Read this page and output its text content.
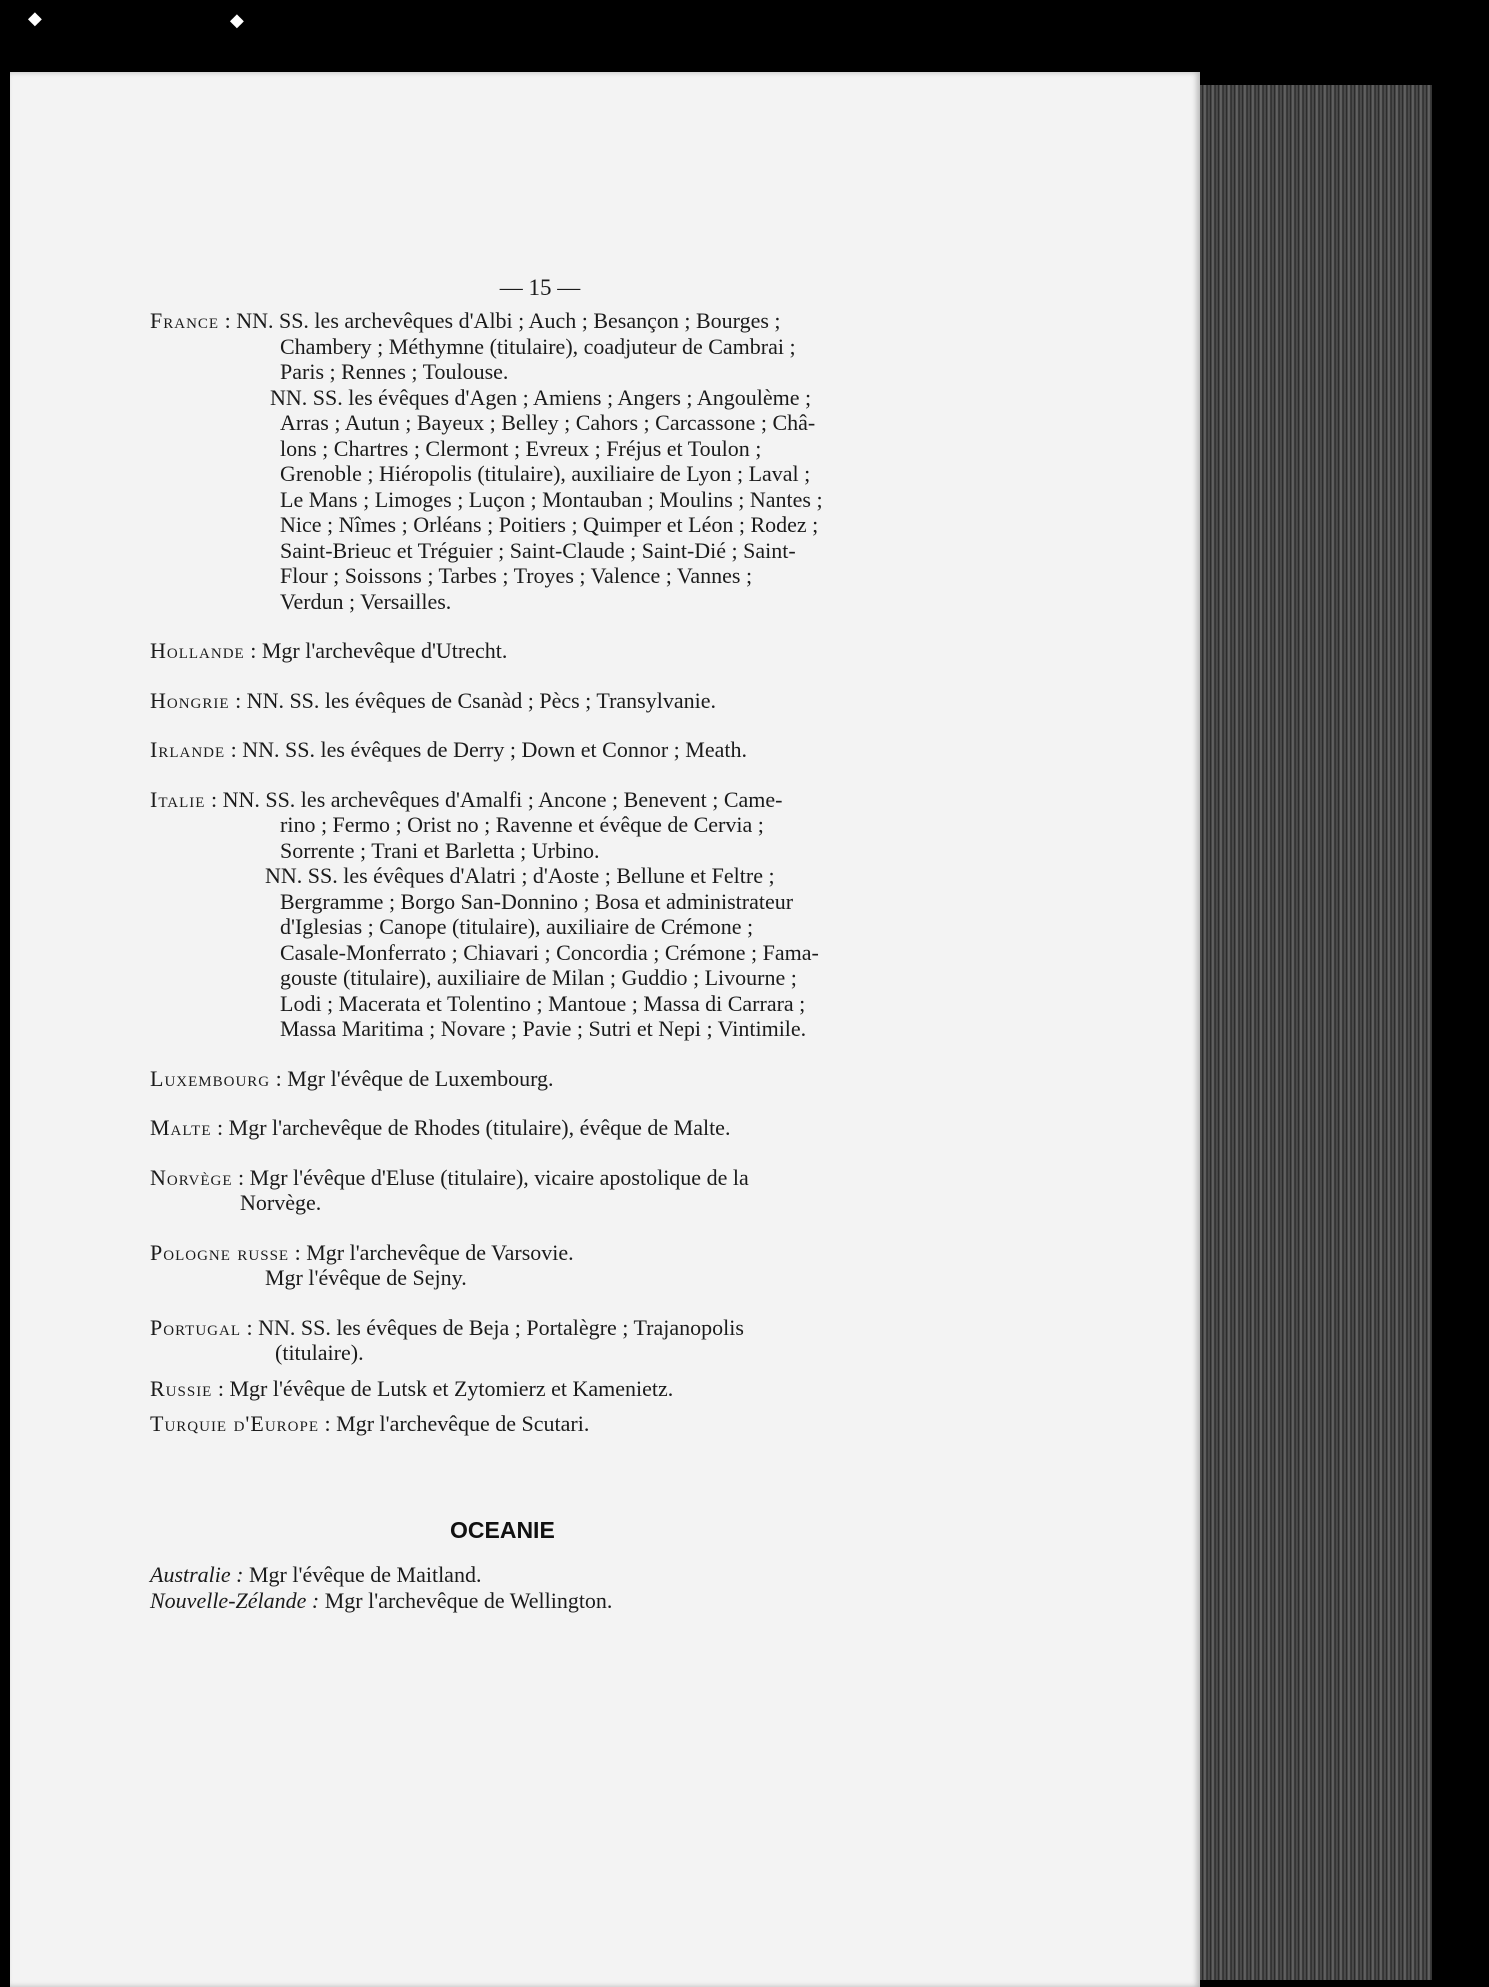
◆	◆
— 15 —
France : NN. SS. les archevêques d'Albi ; Auch ; Besançon ; Bourges ;
Chambery ; Méthymne (titulaire), coadjuteur de Cambrai ;
Paris ; Rennes ; Toulouse.
NN. SS. les évêques d'Agen ; Amiens ; Angers ; Angoulème ;
Arras ; Autun ; Bayeux ; Belley ; Cahors ; Carcassone ; Châ-
lons ; Chartres ; Clermont ; Evreux ; Fréjus et Toulon ;
Grenoble ; Hiéropolis (titulaire), auxiliaire de Lyon ; Laval ;
Le Mans ; Limoges ; Luçon ; Montauban ; Moulins ; Nantes ;
Nice ; Nîmes ; Orléans ; Poitiers ; Quimper et Léon ; Rodez ;
Saint-Brieuc et Tréguier ; Saint-Claude ; Saint-Dié ; Saint-
Flour ; Soissons ; Tarbes ; Troyes ; Valence ; Vannes ;
Verdun ; Versailles.
Hollande : Mgr l'archevêque d'Utrecht.
Hongrie : NN. SS. les évêques de Csanàd ; Pècs ; Transylvanie.
Irlande : NN. SS. les évêques de Derry ; Down et Connor ; Meath.
Italie : NN. SS. les archevêques d'Amalfi ; Ancone ; Benevent ; Came-
rino ; Fermo ; Orist no ; Ravenne et évêque de Cervia ;
Sorrente ; Trani et Barletta ; Urbino.
NN. SS. les évêques d'Alatri ; d'Aoste ; Bellune et Feltre ;
Bergramme ; Borgo San-Donnino ; Bosa et administrateur
d'Iglesias ; Canope (titulaire), auxiliaire de Crémone ;
Casale-Monferrato ; Chiavari ; Concordia ; Crémone ; Fama-
gouste (titulaire), auxiliaire de Milan ; Guddio ; Livourne ;
Lodi ; Macerata et Tolentino ; Mantoue ; Massa di Carrara ;
Massa Maritima ; Novare ; Pavie ; Sutri et Nepi ; Vintimile.
Luxembourg : Mgr l'évêque de Luxembourg.
Malte : Mgr l'archevêque de Rhodes (titulaire), évêque de Malte.
Norvège : Mgr l'évêque d'Eluse (titulaire), vicaire apostolique de la
Norvège.
Pologne russe : Mgr l'archevêque de Varsovie.
Mgr l'évêque de Sejny.
Portugal : NN. SS. les évêques de Beja ; Portalègre ; Trajanopolis
(titulaire).
Russie : Mgr l'évêque de Lutsk et Zytomierz et Kamenietz.
Turquie d'Europe : Mgr l'archevêque de Scutari.
OCEANIE
Australie : Mgr l'évêque de Maitland.
Nouvelle-Zélande : Mgr l'archevêque de Wellington.
